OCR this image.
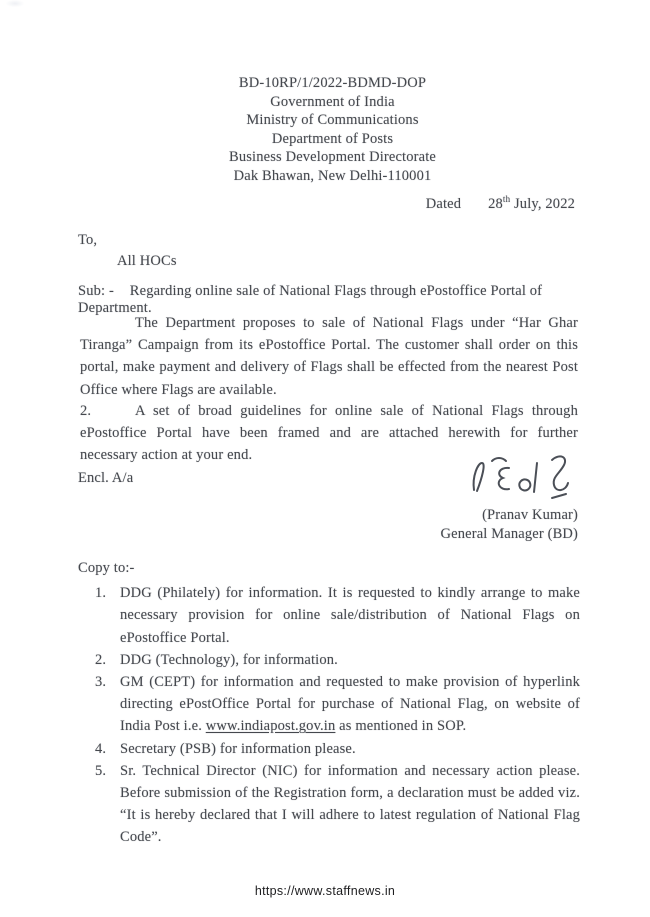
BD-10RP/1/2022-BDMD-DOP
Government of India
Ministry of Communications
Department of Posts
Business Development Directorate
Dak Bhawan, New Delhi-110001
Dated 28th July, 2022
To,
All HOCs
Sub: - Regarding online sale of National Flags through ePostoffice Portal of Department.
The Department proposes to sale of National Flags under “Har Ghar Tiranga” Campaign from its ePostoffice Portal. The customer shall order on this portal, make payment and delivery of Flags shall be effected from the nearest Post Office where Flags are available.
2.	A set of broad guidelines for online sale of National Flags through ePostoffice Portal have been framed and are attached herewith for further necessary action at your end.
Encl. A/a
(Pranav Kumar)
General Manager (BD)
Copy to:-
1. DDG (Philately) for information. It is requested to kindly arrange to make necessary provision for online sale/distribution of National Flags on ePostoffice Portal.
2. DDG (Technology), for information.
3. GM (CEPT) for information and requested to make provision of hyperlink directing ePostOffice Portal for purchase of National Flag, on website of India Post i.e. www.indiapost.gov.in as mentioned in SOP.
4. Secretary (PSB) for information please.
5. Sr. Technical Director (NIC) for information and necessary action please. Before submission of the Registration form, a declaration must be added viz. “It is hereby declared that I will adhere to latest regulation of National Flag Code”.
https://www.staffnews.in
